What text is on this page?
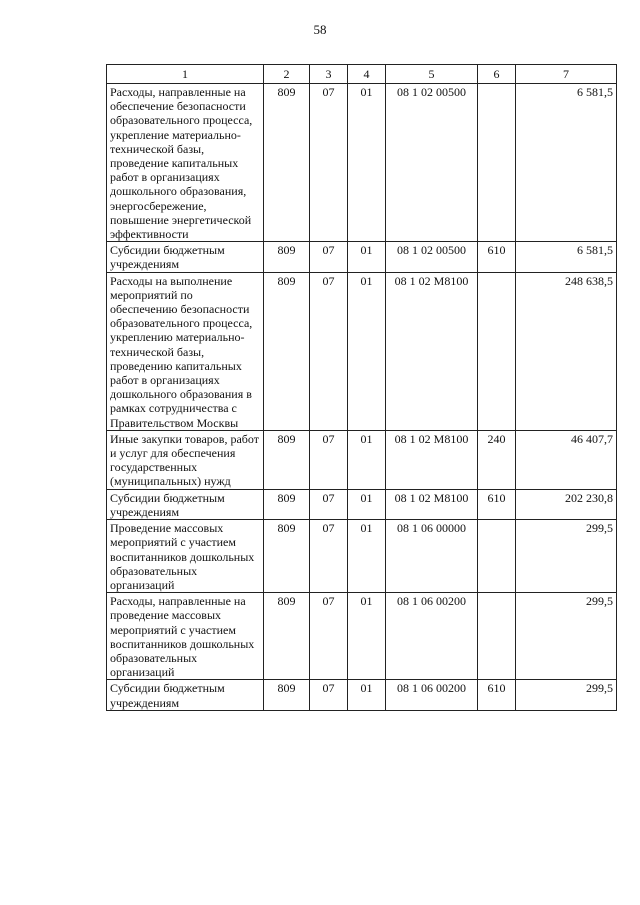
58
1	2	3	4	5	6	7
Расходы, направленные на обеспечение безопасности образовательного процесса, укрепление материально-технической базы, проведение капитальных работ в организациях дошкольного образования, энергосбережение, повышение энергетической эффективности	809	07	01	08 1 02 00500		6 581,5
Субсидии бюджетным учреждениям	809	07	01	08 1 02 00500	610	6 581,5
Расходы на выполнение мероприятий по обеспечению безопасности образовательного процесса, укреплению материально-технической базы, проведению капитальных работ в организациях дошкольного образования в рамках сотрудничества с Правительством Москвы	809	07	01	08 1 02 M8100		248 638,5
Иные закупки товаров, работ и услуг для обеспечения государственных (муниципальных) нужд	809	07	01	08 1 02 M8100	240	46 407,7
Субсидии бюджетным учреждениям	809	07	01	08 1 02 M8100	610	202 230,8
Проведение массовых мероприятий с участием воспитанников дошкольных образовательных организаций	809	07	01	08 1 06 00000		299,5
Расходы, направленные на проведение массовых мероприятий с участием воспитанников дошкольных образовательных организаций	809	07	01	08 1 06 00200		299,5
Субсидии бюджетным учреждениям	809	07	01	08 1 06 00200	610	299,5
